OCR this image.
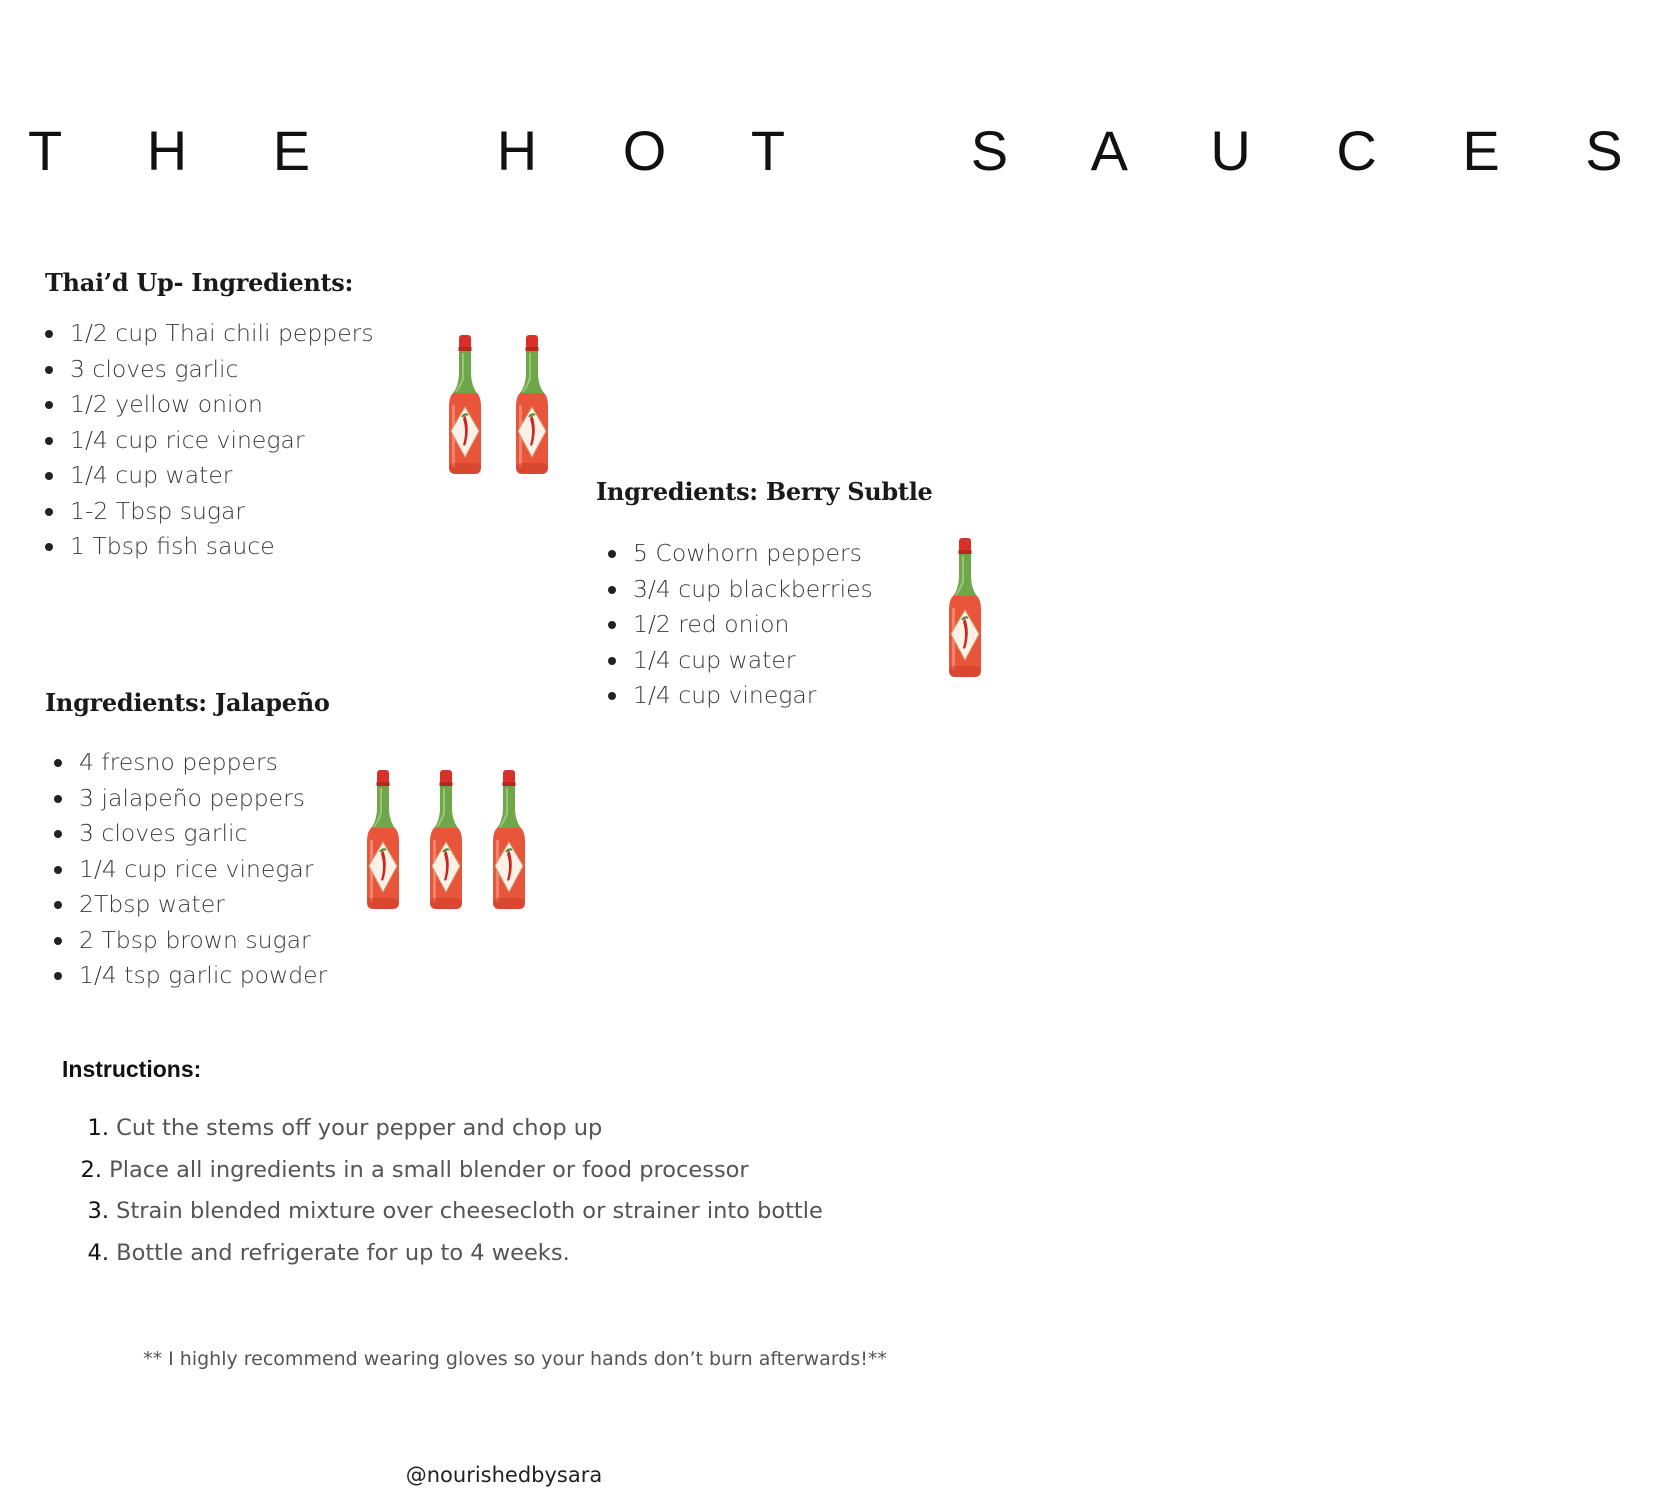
T H E   H O T   S A U C E S
Thai’d Up- Ingredients:
1/2 cup Thai chili peppers
3 cloves garlic
1/2 yellow onion
1/4 cup rice vinegar
1/4 cup water
1-2 Tbsp sugar
1 Tbsp fish sauce
Ingredients: Berry Subtle
5 Cowhorn peppers
3/4 cup blackberries
1/2 red onion
1/4 cup water
1/4 cup vinegar
Ingredients: Jalapeño
4 fresno peppers
3 jalapeño peppers
3 cloves garlic
1/4 cup rice vinegar
2Tbsp water
2 Tbsp brown sugar
1/4 tsp garlic powder
Instructions:
1. Cut the stems off your pepper and chop up
2. Place all ingredients in a small blender or food processor
3. Strain blended mixture over cheesecloth or strainer into bottle
4. Bottle and refrigerate for up to 4 weeks.

** I highly recommend wearing gloves so your hands don’t burn afterwards!**

@nourishedbysara
